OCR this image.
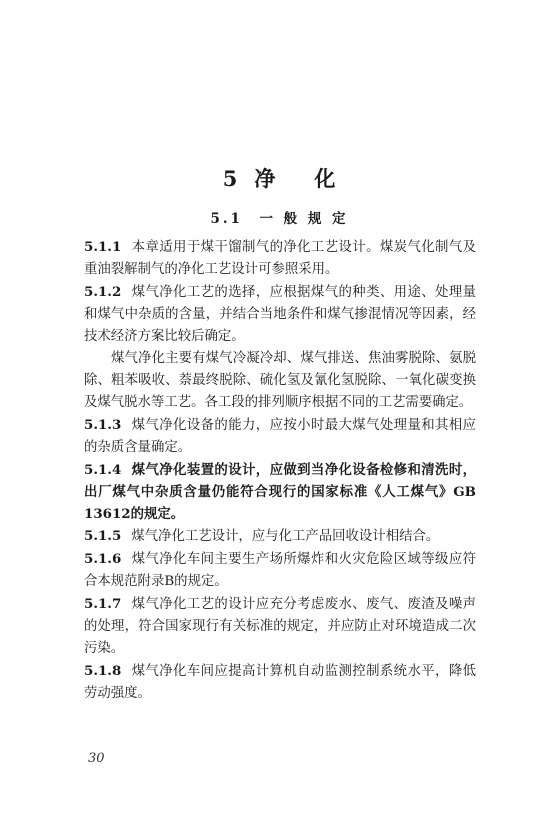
5 净 化
5.1　一 般 规 定

5.1.1 本章适用于煤干馏制气的净化工艺设计。煤炭气化制气及重油裂解制气的净化工艺设计可参照采用。

5.1.2 煤气净化工艺的选择，应根据煤气的种类、用途、处理量和煤气中杂质的含量，并结合当地条件和煤气掺混情况等因素，经技术经济方案比较后确定。

煤气净化主要有煤气冷凝冷却、煤气排送、焦油雾脱除、氨脱除、粗苯吸收、萘最终脱除、硫化氢及氰化氢脱除、一氧化碳变换及煤气脱水等工艺。各工段的排列顺序根据不同的工艺需要确定。

5.1.3 煤气净化设备的能力，应按小时最大煤气处理量和其相应的杂质含量确定。

5.1.4 煤气净化装置的设计，应做到当净化设备检修和清洗时，出厂煤气中杂质含量仍能符合现行的国家标准《人工煤气》GB 13612的规定。

5.1.5 煤气净化工艺设计，应与化工产品回收设计相结合。

5.1.6 煤气净化车间主要生产场所爆炸和火灾危险区域等级应符合本规范附录B的规定。

5.1.7 煤气净化工艺的设计应充分考虑废水、废气、废渣及噪声的处理，符合国家现行有关标准的规定，并应防止对环境造成二次污染。

5.1.8 煤气净化车间应提高计算机自动监测控制系统水平，降低劳动强度。

30
